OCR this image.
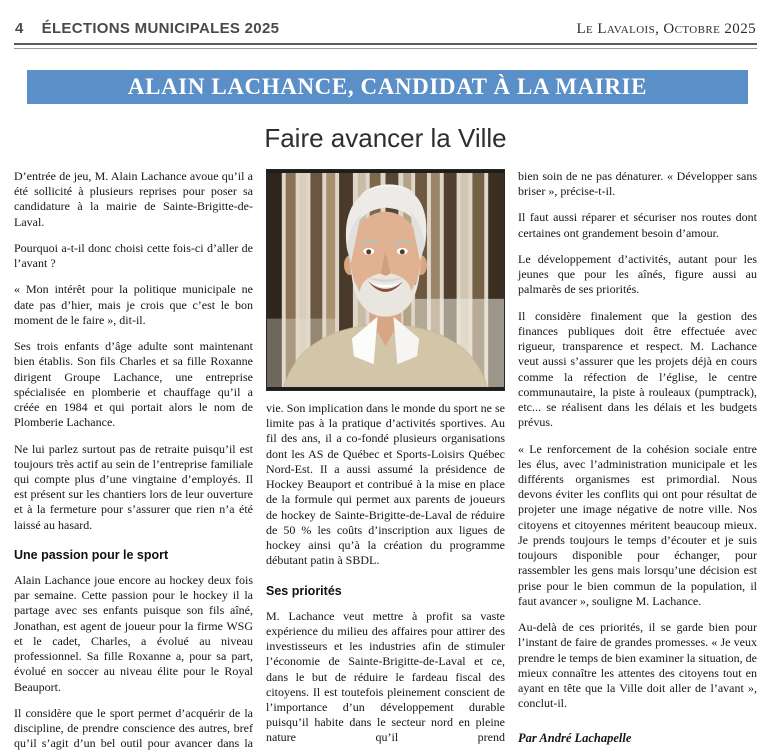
4 ÉLECTIONS MUNICIPALES 2025	Le Lavalois, Octobre 2025
ALAIN LACHANCE, CANDIDAT À LA MAIRIE
Faire avancer la Ville

D’entrée de jeu, M. Alain Lachance avoue qu’il a été sollicité à plusieurs reprises pour poser sa candidature à la mairie de Sainte-Brigitte-de-Laval.

Pourquoi a-t-il donc choisi cette fois-ci d’aller de l’avant ?

« Mon intérêt pour la politique municipale ne date pas d’hier, mais je crois que c’est le bon moment de le faire », dit-il.

Ses trois enfants d’âge adulte sont maintenant bien établis. Son fils Charles et sa fille Roxanne dirigent Groupe Lachance, une entreprise spécialisée en plomberie et chauffage qu’il a créée en 1984 et qui portait alors le nom de Plomberie Lachance.

Ne lui parlez surtout pas de retraite puisqu’il est toujours très actif au sein de l’entreprise familiale qui compte plus d’une vingtaine d’employés. Il est présent sur les chantiers lors de leur ouverture et à la fermeture pour s’assurer que rien n’a été laissé au hasard.

Une passion pour le sport

Alain Lachance joue encore au hockey deux fois par semaine. Cette passion pour le hockey il la partage avec ses enfants puisque son fils aîné, Jonathan, est agent de joueur pour la firme WSG et le cadet, Charles, a évolué au niveau professionnel. Sa fille Roxanne a, pour sa part, évolué en soccer au niveau élite pour le Royal Beauport.

Il considère que le sport permet d’acquérir de la discipline, de prendre conscience des autres, bref qu’il s’agit d’un bel outil pour avancer dans la

vie. Son implication dans le monde du sport ne se limite pas à la pratique d’activités sportives. Au fil des ans, il a co-fondé plusieurs organisations dont les AS de Québec et Sports-Loisirs Québec Nord-Est. Il a aussi assumé la présidence de Hockey Beauport et contribué à la mise en place de la formule qui permet aux parents de joueurs de hockey de Sainte-Brigitte-de-Laval de réduire de 50 % les coûts d’inscription aux ligues de hockey ainsi qu’à la création du programme débutant patin à SBDL.

Ses priorités

M. Lachance veut mettre à profit sa vaste expérience du milieu des affaires pour attirer des investisseurs et les industries afin de stimuler l’économie de Sainte-Brigitte-de-Laval et ce, dans le but de réduire le fardeau fiscal des citoyens. Il est toutefois pleinement conscient de l’importance d’un développement durable puisqu’il habite dans le secteur nord en pleine nature qu’il prend

bien soin de ne pas dénaturer. « Développer sans briser », précise-t-il.

Il faut aussi réparer et sécuriser nos routes dont certaines ont grandement besoin d’amour.

Le développement d’activités, autant pour les jeunes que pour les aînés, figure aussi au palmarès de ses priorités.

Il considère finalement que la gestion des finances publiques doit être effectuée avec rigueur, transparence et respect. M. Lachance veut aussi s’assurer que les projets déjà en cours comme la réfection de l’église, le centre communautaire, la piste à rouleaux (pumptrack), etc... se réalisent dans les délais et les budgets prévus.

« Le renforcement de la cohésion sociale entre les élus, avec l’administration municipale et les différents organismes est primordial. Nous devons éviter les conflits qui ont pour résultat de projeter une image négative de notre ville. Nos citoyens et citoyennes méritent beaucoup mieux. Je prends toujours le temps d’écouter et je suis toujours disponible pour échanger, pour rassembler les gens mais lorsqu’une décision est prise pour le bien commun de la population, il faut avancer », souligne M. Lachance.

Au-delà de ces priorités, il se garde bien pour l’instant de faire de grandes promesses. « Je veux prendre le temps de bien examiner la situation, de mieux connaître les attentes des citoyens tout en ayant en tête que la Ville doit aller de l’avant », conclut-il.

Par André Lachapelle
